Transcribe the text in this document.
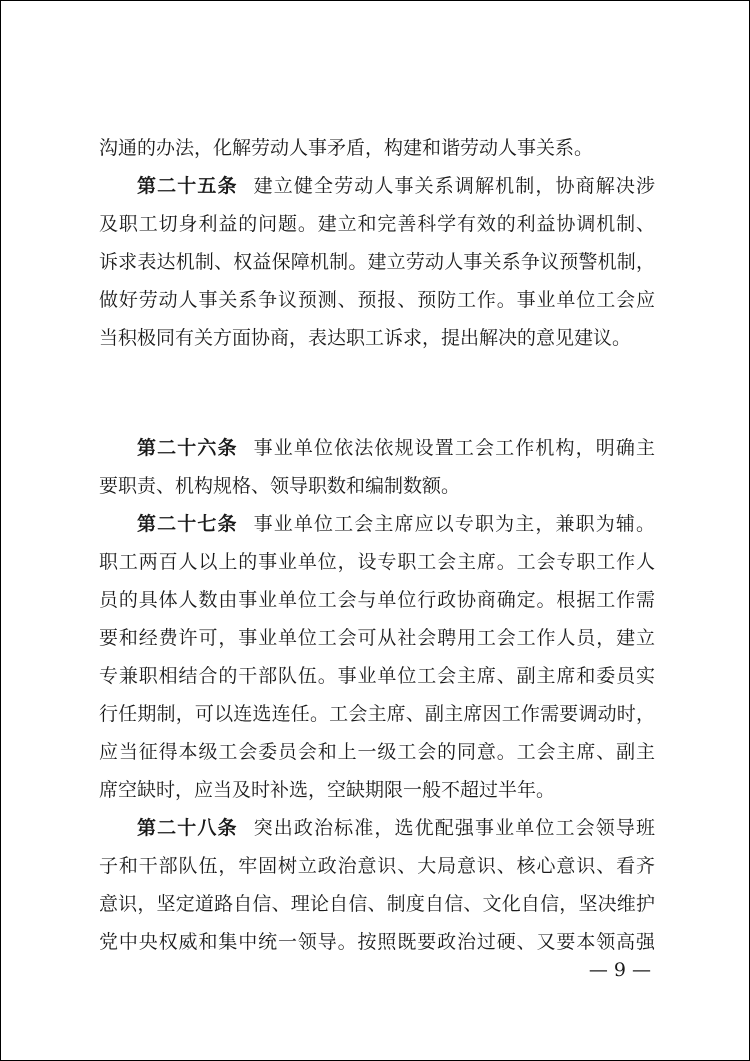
沟通的办法，化解劳动人事矛盾，构建和谐劳动人事关系。
第二十五条 建立健全劳动人事关系调解机制，协商解决涉
及职工切身利益的问题。建立和完善科学有效的利益协调机制、
诉求表达机制、权益保障机制。建立劳动人事关系争议预警机制，
做好劳动人事关系争议预测、预报、预防工作。事业单位工会应
当积极同有关方面协商，表达职工诉求，提出解决的意见建议。
第二十六条 事业单位依法依规设置工会工作机构，明确主
要职责、机构规格、领导职数和编制数额。
第二十七条 事业单位工会主席应以专职为主，兼职为辅。
职工两百人以上的事业单位，设专职工会主席。工会专职工作人
员的具体人数由事业单位工会与单位行政协商确定。根据工作需
要和经费许可，事业单位工会可从社会聘用工会工作人员，建立
专兼职相结合的干部队伍。事业单位工会主席、副主席和委员实
行任期制，可以连选连任。工会主席、副主席因工作需要调动时，
应当征得本级工会委员会和上一级工会的同意。工会主席、副主
席空缺时，应当及时补选，空缺期限一般不超过半年。
第二十八条 突出政治标准，选优配强事业单位工会领导班
子和干部队伍，牢固树立政治意识、大局意识、核心意识、看齐
意识，坚定道路自信、理论自信、制度自信、文化自信，坚决维护
党中央权威和集中统一领导。按照既要政治过硬、又要本领高强
— 9 —
